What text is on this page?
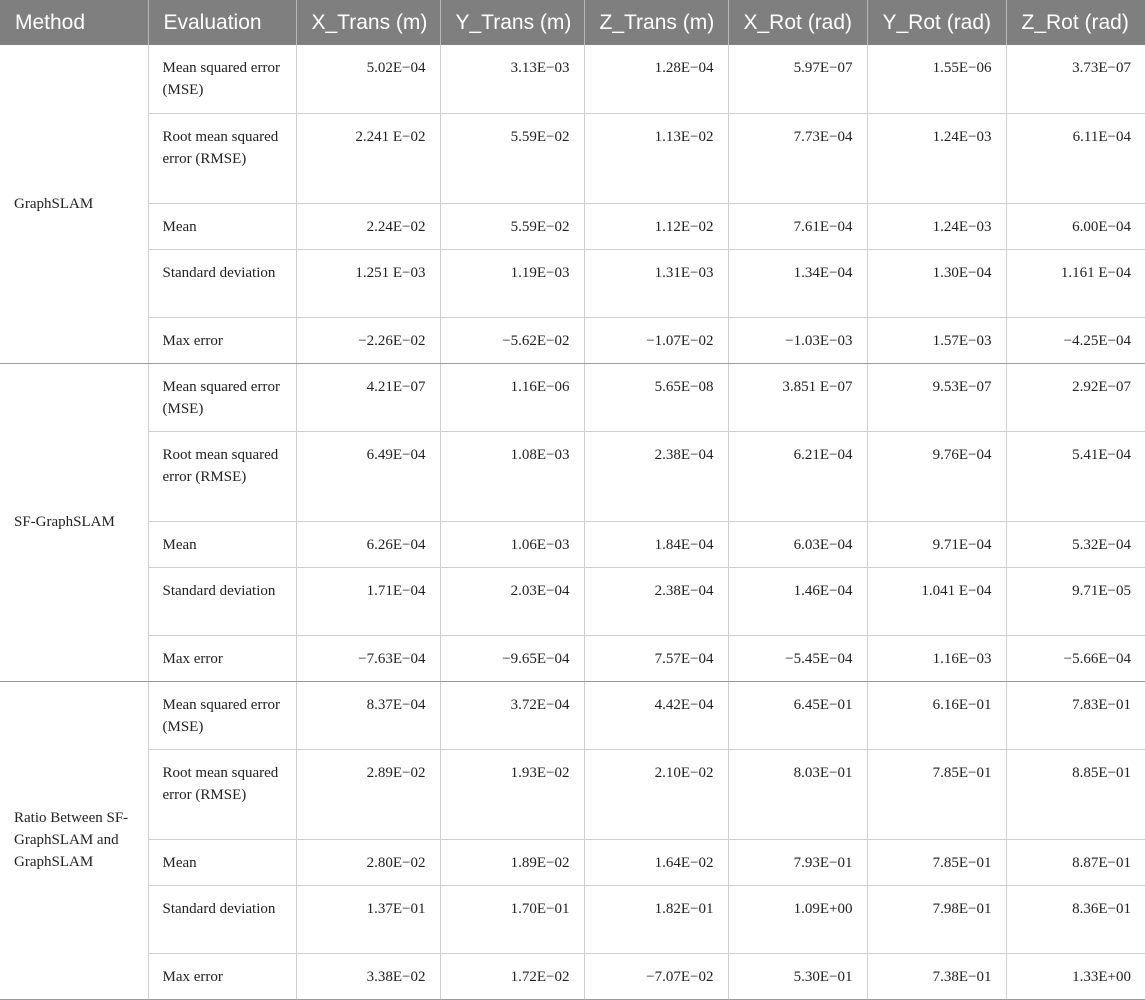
Method	Evaluation	X_Trans (m)	Y_Trans (m)	Z_Trans (m)	X_Rot (rad)	Y_Rot (rad)	Z_Rot (rad)
GraphSLAM	Mean squared error (MSE)	5.02E−04	3.13E−03	1.28E−04	5.97E−07	1.55E−06	3.73E−07
	Root mean squared error (RMSE)	2.241 E−02	5.59E−02	1.13E−02	7.73E−04	1.24E−03	6.11E−04
	Mean	2.24E−02	5.59E−02	1.12E−02	7.61E−04	1.24E−03	6.00E−04
	Standard deviation	1.251 E−03	1.19E−03	1.31E−03	1.34E−04	1.30E−04	1.161 E−04
	Max error	−2.26E−02	−5.62E−02	−1.07E−02	−1.03E−03	1.57E−03	−4.25E−04
SF-GraphSLAM	Mean squared error (MSE)	4.21E−07	1.16E−06	5.65E−08	3.851 E−07	9.53E−07	2.92E−07
	Root mean squared error (RMSE)	6.49E−04	1.08E−03	2.38E−04	6.21E−04	9.76E−04	5.41E−04
	Mean	6.26E−04	1.06E−03	1.84E−04	6.03E−04	9.71E−04	5.32E−04
	Standard deviation	1.71E−04	2.03E−04	2.38E−04	1.46E−04	1.041 E−04	9.71E−05
	Max error	−7.63E−04	−9.65E−04	7.57E−04	−5.45E−04	1.16E−03	−5.66E−04
Ratio Between SF-GraphSLAM and GraphSLAM	Mean squared error (MSE)	8.37E−04	3.72E−04	4.42E−04	6.45E−01	6.16E−01	7.83E−01
	Root mean squared error (RMSE)	2.89E−02	1.93E−02	2.10E−02	8.03E−01	7.85E−01	8.85E−01
	Mean	2.80E−02	1.89E−02	1.64E−02	7.93E−01	7.85E−01	8.87E−01
	Standard deviation	1.37E−01	1.70E−01	1.82E−01	1.09E+00	7.98E−01	8.36E−01
	Max error	3.38E−02	1.72E−02	−7.07E−02	5.30E−01	7.38E−01	1.33E+00
